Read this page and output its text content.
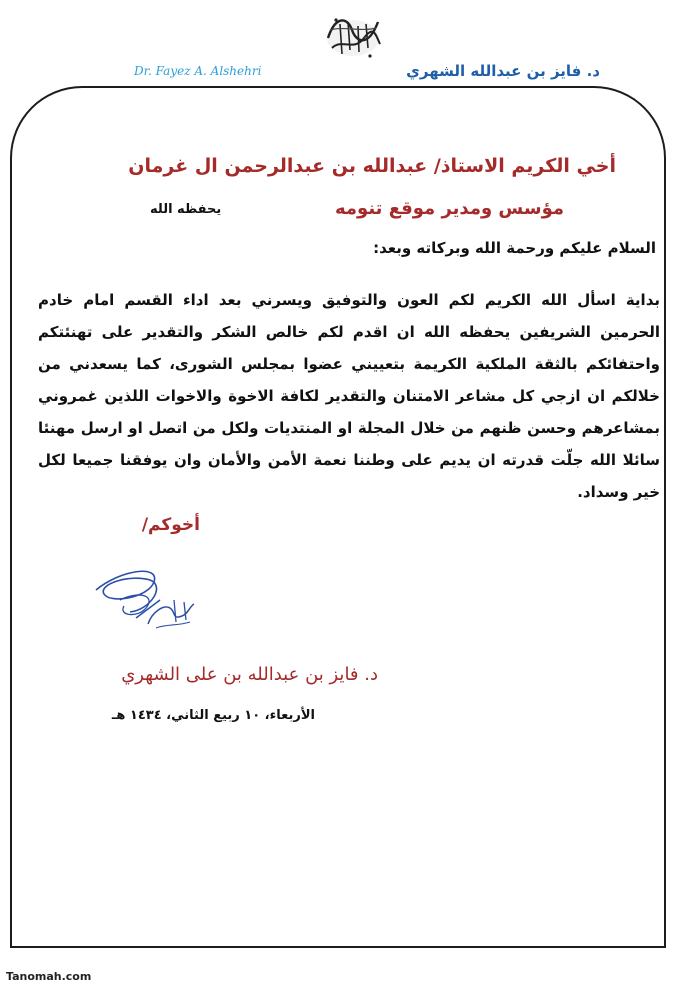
Dr. Fayez A. Alshehri	د. فايز بن عبدالله الشهري
أخي الكريم الاستاذ/ عبدالله بن عبدالرحمن ال غرمان
مؤسس ومدير موقع تنومه
يحفظه الله
السلام عليكم ورحمة الله وبركاته وبعد:
بداية اسأل الله الكريم لكم العون والتوفيق ويسرني بعد اداء القسم امام خادم الحرمين الشريفين يحفظه الله ان اقدم لكم خالص الشكر والتقدير على تهنئتكم واحتفائكم بالثقة الملكية الكريمة بتعييني عضوا بمجلس الشورى، كما يسعدني من خلالكم ان ازجي كل مشاعر الامتنان والتقدير لكافة الاخوة والاخوات اللذين غمروني بمشاعرهم وحسن ظنهم من خلال المجلة او المنتديات ولكل من اتصل او ارسل مهنئا سائلا الله جلّت قدرته ان يديم على وطننا نعمة الأمن والأمان وان يوفقنا جميعا لكل خير وسداد.
أخوكم/
د. فايز بن عبدالله بن على الشهري
الأربعاء، ١٠ ربيع الثاني، ١٤٣٤ هـ
Tanomah.com
